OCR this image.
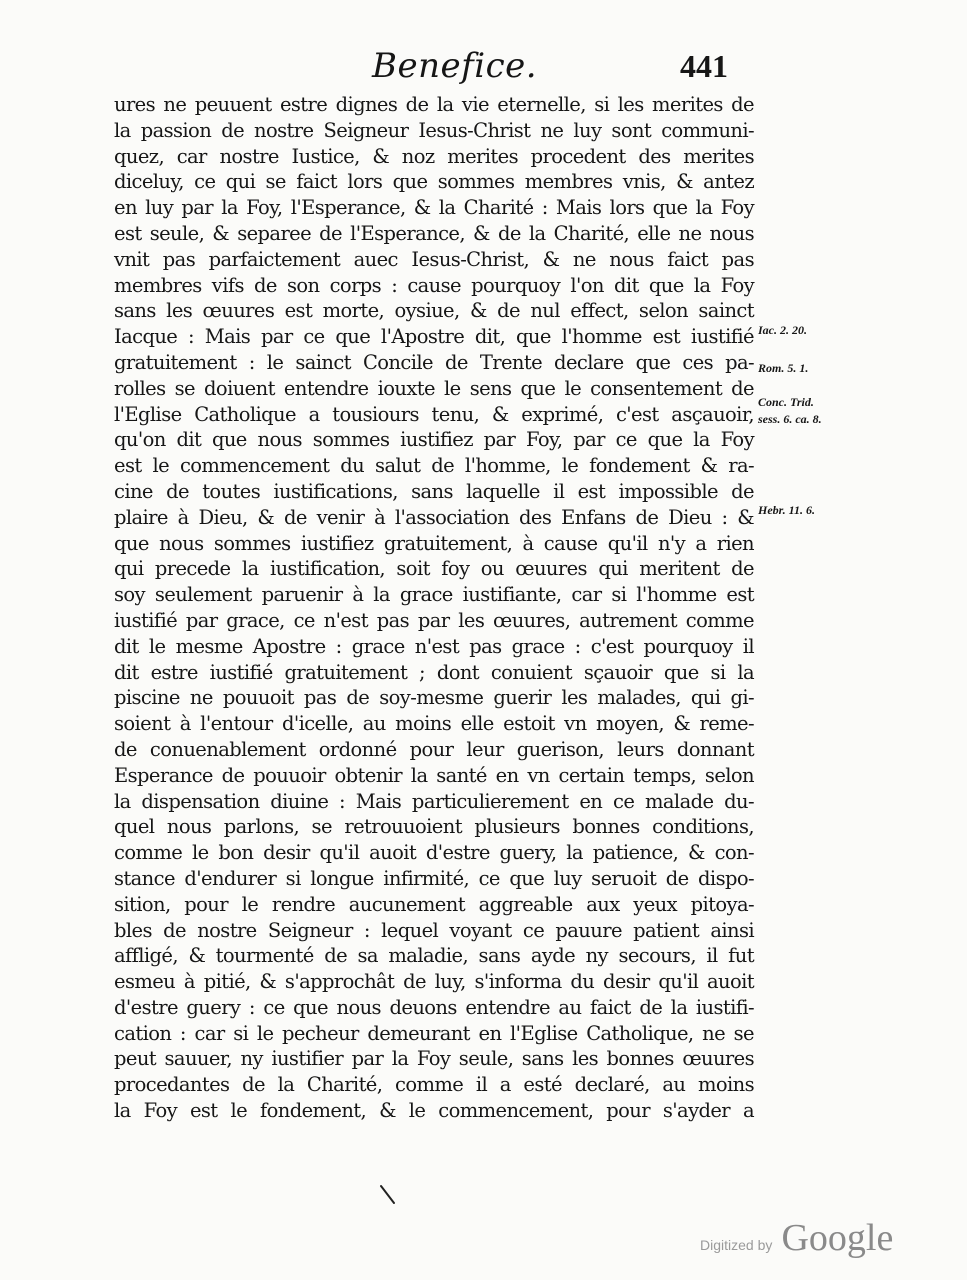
Benefice.	441
ures ne peuuent estre dignes de la vie eternelle, si les merites de
la passion de nostre Seigneur Iesus-Christ ne luy sont communi-
quez, car nostre Iustice, & noz merites procedent des merites
diceluy, ce qui se faict lors que sommes membres vnis, & antez
en luy par la Foy, l'Esperance, & la Charité : Mais lors que la Foy
est seule, & separee de l'Esperance, & de la Charité, elle ne nous
vnit pas parfaictement auec Iesus-Christ, & ne nous faict pas
membres vifs de son corps : cause pourquoy l'on dit que la Foy
sans les œuures est morte, oysiue, & de nul effect, selon sainct
Iacque : Mais par ce que l'Apostre dit, que l'homme est iustifié
gratuitement : le sainct Concile de Trente declare que ces pa-
rolles se doiuent entendre iouxte le sens que le consentement de
l'Eglise Catholique a tousiours tenu, & exprimé, c'est asçauoir,
qu'on dit que nous sommes iustifiez par Foy, par ce que la Foy
est le commencement du salut de l'homme, le fondement & ra-
cine de toutes iustifications, sans laquelle il est impossible de
plaire à Dieu, & de venir à l'association des Enfans de Dieu : &
que nous sommes iustifiez gratuitement, à cause qu'il n'y a rien
qui precede la iustification, soit foy ou œuures qui meritent de
soy seulement paruenir à la grace iustifiante, car si l'homme est
iustifié par grace, ce n'est pas par les œuures, autrement comme
dit le mesme Apostre : grace n'est pas grace : c'est pourquoy il
dit estre iustifié gratuitement ; dont conuient sçauoir que si la
piscine ne pouuoit pas de soy-mesme guerir les malades, qui gi-
soient à l'entour d'icelle, au moins elle estoit vn moyen, & reme-
de conuenablement ordonné pour leur guerison, leurs donnant
Esperance de pouuoir obtenir la santé en vn certain temps, selon
la dispensation diuine : Mais particulierement en ce malade du-
quel nous parlons, se retrouuoient plusieurs bonnes conditions,
comme le bon desir qu'il auoit d'estre guery, la patience, & con-
stance d'endurer si longue infirmité, ce que luy seruoit de dispo-
sition, pour le rendre aucunement aggreable aux yeux pitoya-
bles de nostre Seigneur : lequel voyant ce pauure patient ainsi
affligé, & tourmenté de sa maladie, sans ayde ny secours, il fut
esmeu à pitié, & s'approchât de luy, s'informa du desir qu'il auoit
d'estre guery : ce que nous deuons entendre au faict de la iustifi-
cation : car si le pecheur demeurant en l'Eglise Catholique, ne se
peut sauuer, ny iustifier par la Foy seule, sans les bonnes œuures
procedantes de la Charité, comme il a esté declaré, au moins
la Foy est le fondement, & le commencement, pour s'ayder a
Iac. 2. 20.
Rom. 5. 1.
Conc. Trid.
sess. 6. ca. 8.
Hebr. 11. 6.
Digitized by Google
